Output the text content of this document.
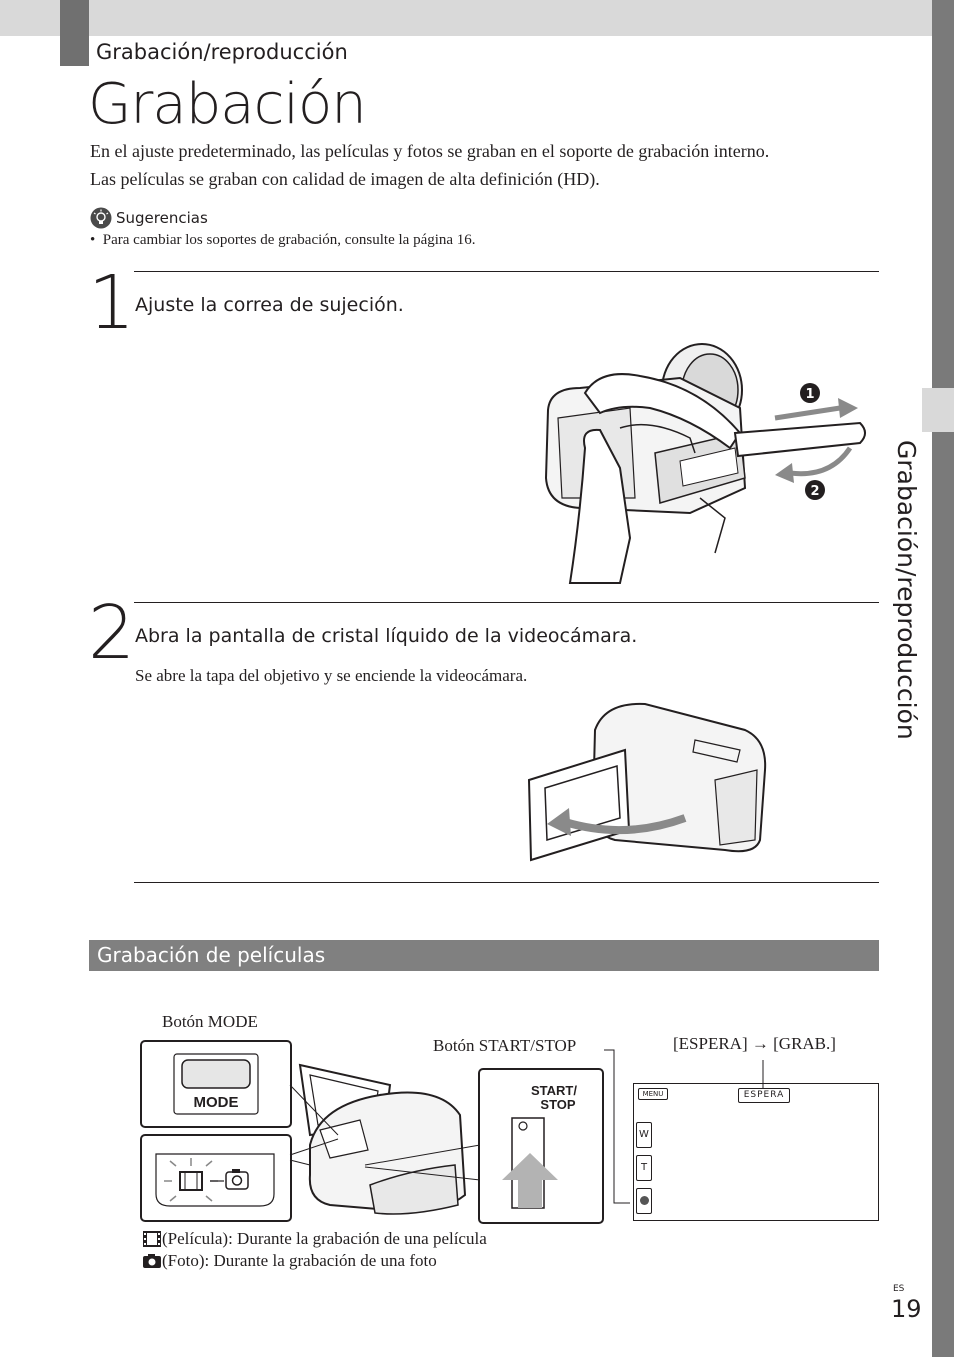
Grabación/reproducción
Grabación/reproducción
Grabación
En el ajuste predeterminado, las películas y fotos se graban en el soporte de grabación interno.
Las películas se graban con calidad de imagen de alta definición (HD).
Sugerencias
• Para cambiar los soportes de grabación, consulte la página 16.
1 Ajuste la correa de sujeción.
1
2
2 Abra la pantalla de cristal líquido de la videocámara.
Se abre la tapa del objetivo y se enciende la videocámara.
Grabación de películas
Botón MODE
Botón START/STOP	[ESPERA] → [GRAB.]
MODE
START/
STOP
MENU	ESPERA
W
T
(Película): Durante la grabación de una película
(Foto): Durante la grabación de una foto
ES
19
